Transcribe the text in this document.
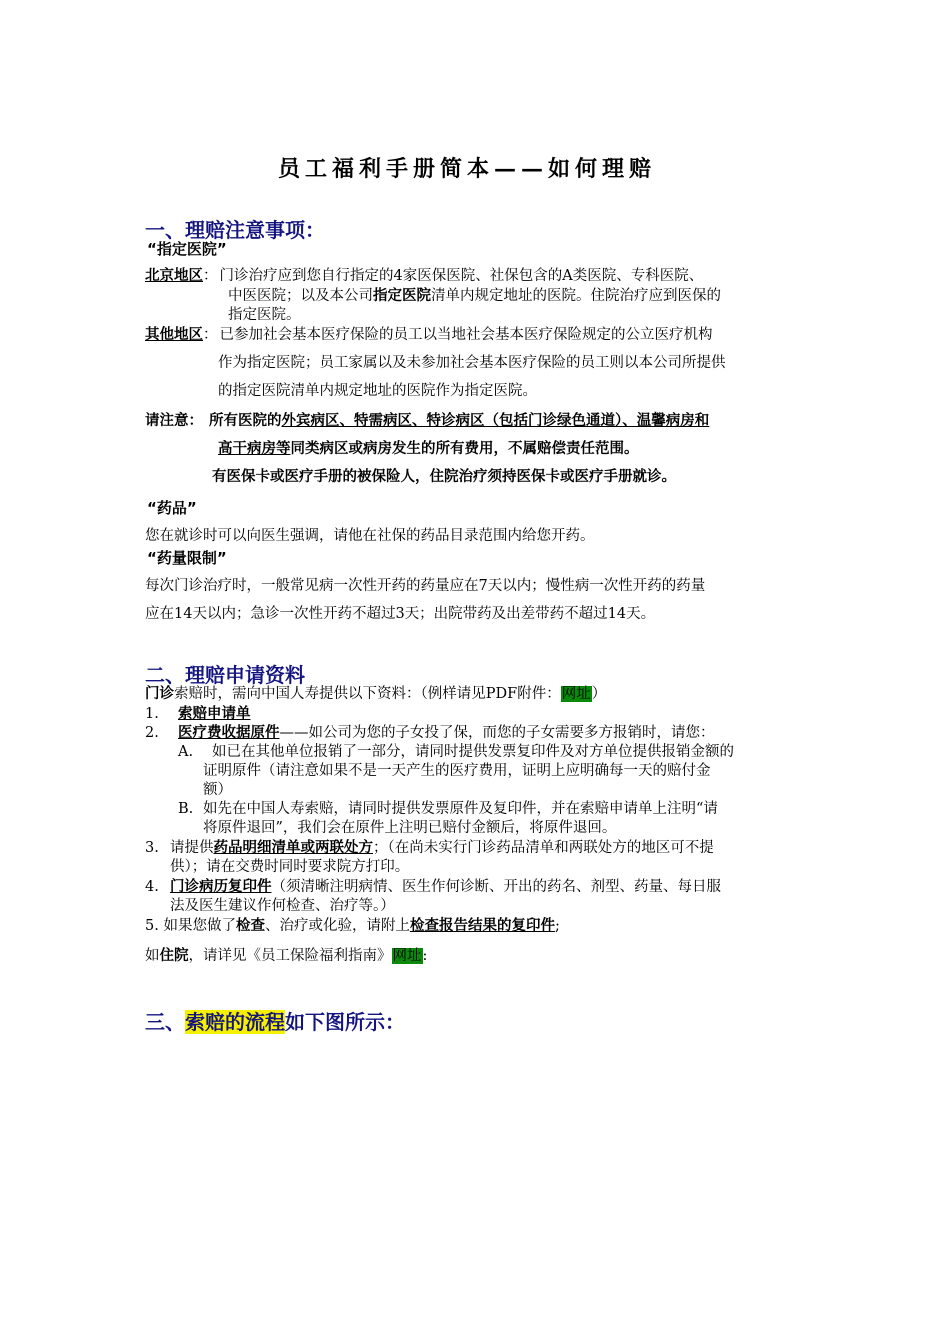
员工福利手册简本——如何理赔
一、理赔注意事项：
“指定医院”
北京地区： 门诊治疗应到您自行指定的4家医保医院、社保包含的A类医院、专科医院、
中医医院；以及本公司指定医院清单内规定地址的医院。住院治疗应到医保的
指定医院。
其他地区： 已参加社会基本医疗保险的员工以当地社会基本医疗保险规定的公立医疗机构
作为指定医院；员工家属以及未参加社会基本医疗保险的员工则以本公司所提供
的指定医院清单内规定地址的医院作为指定医院。
请注意： 所有医院的外宾病区、特需病区、特诊病区（包括门诊绿色通道）、温馨病房和
高干病房等同类病区或病房发生的所有费用，不属赔偿责任范围。
有医保卡或医疗手册的被保险人，住院治疗须持医保卡或医疗手册就诊。
“药品”
您在就诊时可以向医生强调，请他在社保的药品目录范围内给您开药。
“药量限制”
每次门诊治疗时，一般常见病一次性开药的药量应在7天以内；慢性病一次性开药的药量
应在14天以内；急诊一次性开药不超过3天；出院带药及出差带药不超过14天。
二、理赔申请资料
门诊索赔时，需向中国人寿提供以下资料：（例样请见PDF附件：网址）
1. 索赔申请单
2. 医疗费收据原件——如公司为您的子女投了保，而您的子女需要多方报销时，请您：
A. 如已在其他单位报销了一部分，请同时提供发票复印件及对方单位提供报销金额的
证明原件（请注意如果不是一天产生的医疗费用，证明上应明确每一天的赔付金
额）
B. 如先在中国人寿索赔，请同时提供发票原件及复印件，并在索赔申请单上注明“请
将原件退回”，我们会在原件上注明已赔付金额后，将原件退回。
3. 请提供药品明细清单或两联处方；（在尚未实行门诊药品清单和两联处方的地区可不提
供）；请在交费时同时要求院方打印。
4. 门诊病历复印件（须清晰注明病情、医生作何诊断、开出的药名、剂型、药量、每日服
法及医生建议作何检查、治疗等。）
5. 如果您做了检查、治疗或化验，请附上检查报告结果的复印件;
如住院，请详见《员工保险福利指南》网址:
三、索赔的流程如下图所示：
